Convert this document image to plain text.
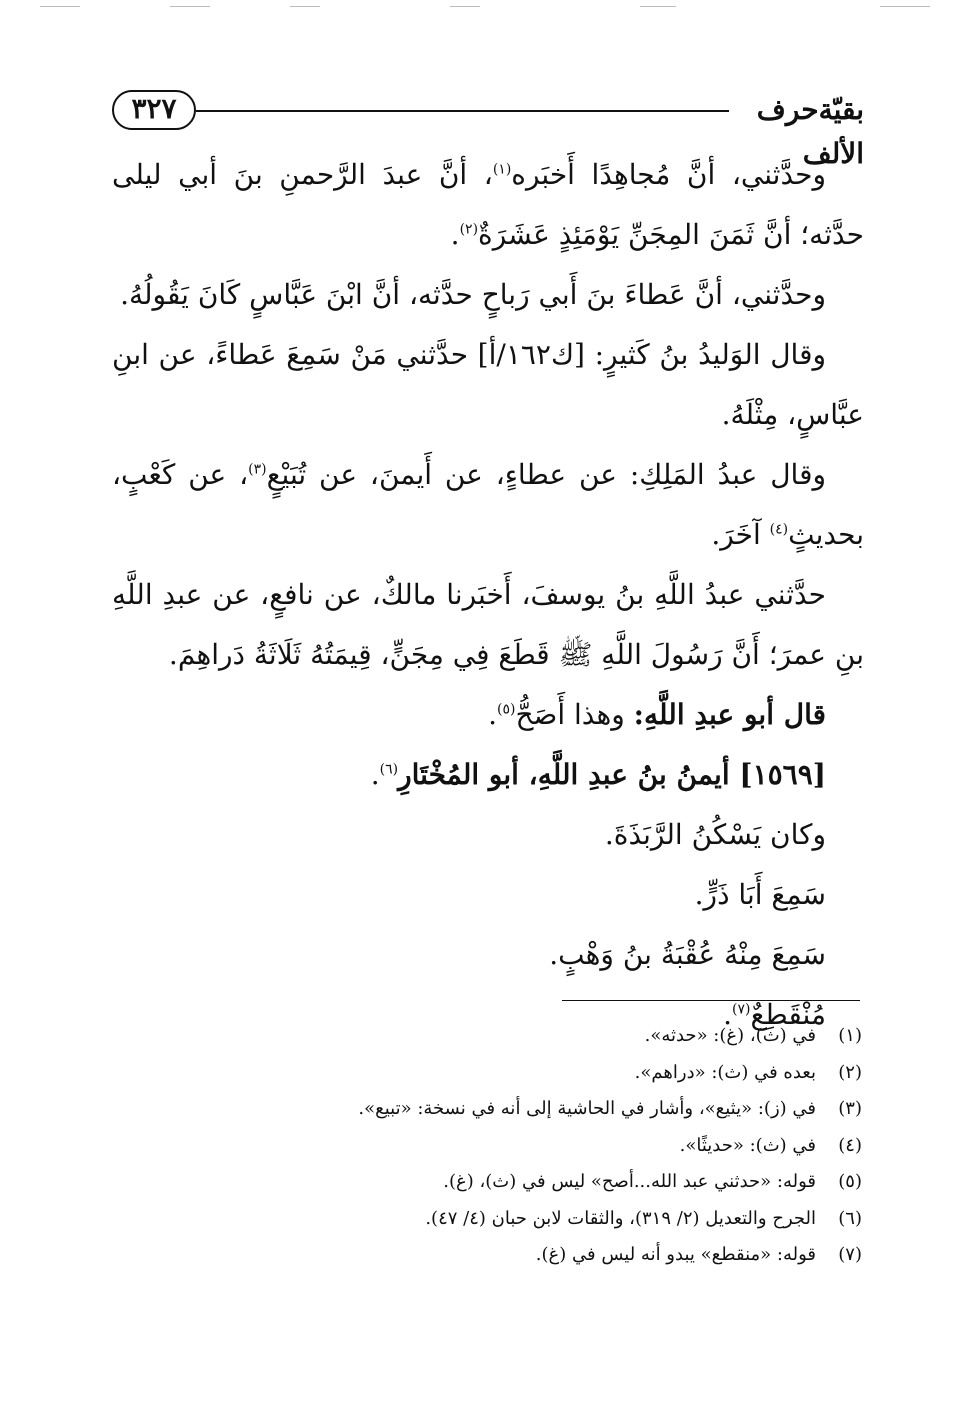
٣٢٧	بقيّةحرف الألف

وحدَّثني، أنَّ مُجاهِدًا أَخبَره$^{(١)}$، أنَّ عبدَ الرَّحمنِ بنَ أبي ليلى حدَّثه؛ أنَّ ثَمَنَ المِجَنِّ يَوْمَئِذٍ عَشَرَةٌ$^{(٢)}$.

وحدَّثني، أنَّ عَطاءَ بنَ أَبي رَباحٍ حدَّثه، أنَّ ابْنَ عَبَّاسٍ كَانَ يَقُولُهُ.

وقال الوَليدُ بنُ كَثيرٍ: [ك١٦٢/أ] حدَّثني مَنْ سَمِعَ عَطاءً، عن ابنِ عبَّاسٍ، مِثْلَهُ.

وقال عبدُ المَلِكِ: عن عطاءٍ، عن أَيمنَ، عن تُبَيْعٍ$^{(٣)}$، عن كَعْبٍ، بحديثٍ$^{(٤)}$ آخَرَ.

حدَّثني عبدُ اللَّهِ بنُ يوسفَ، أَخبَرنا مالكٌ، عن نافعٍ، عن عبدِ اللَّهِ بنِ عمرَ؛ أَنَّ رَسُولَ اللَّهِ ﷺ قَطَعَ فِي مِجَنٍّ، قِيمَتُهُ ثَلَاثَةُ دَراهِمَ.

قال أبو عبدِ اللَّهِ: وهذا أَصَحُّ$^{(٥)}$.

[١٥٦٩] أيمنُ بنُ عبدِ اللَّهِ، أبو المُخْتَارِ$^{(٦)}$.

وكان يَسْكُنُ الرَّبَذَةَ.

سَمِعَ أَبَا ذَرٍّ.

سَمِعَ مِنْهُ عُقْبَةُ بنُ وَهْبٍ.

مُنْقَطِعٌ$^{(٧)}$.

(١)في (ث)، (غ): «حدثه».

(٢)بعده في (ث): «دراهم».

(٣)في (ز): «يثيع»، وأشار في الحاشية إلى أنه في نسخة: «تبيع».

(٤)في (ث): «حديثًا».

(٥)قوله: «حدثني عبد الله...أصح» ليس في (ث)، (غ).

(٦)الجرح والتعديل (٢/ ٣١٩)، والثقات لابن حبان (٤/ ٤٧).

(٧)قوله: «منقطع» يبدو أنه ليس في (غ).
